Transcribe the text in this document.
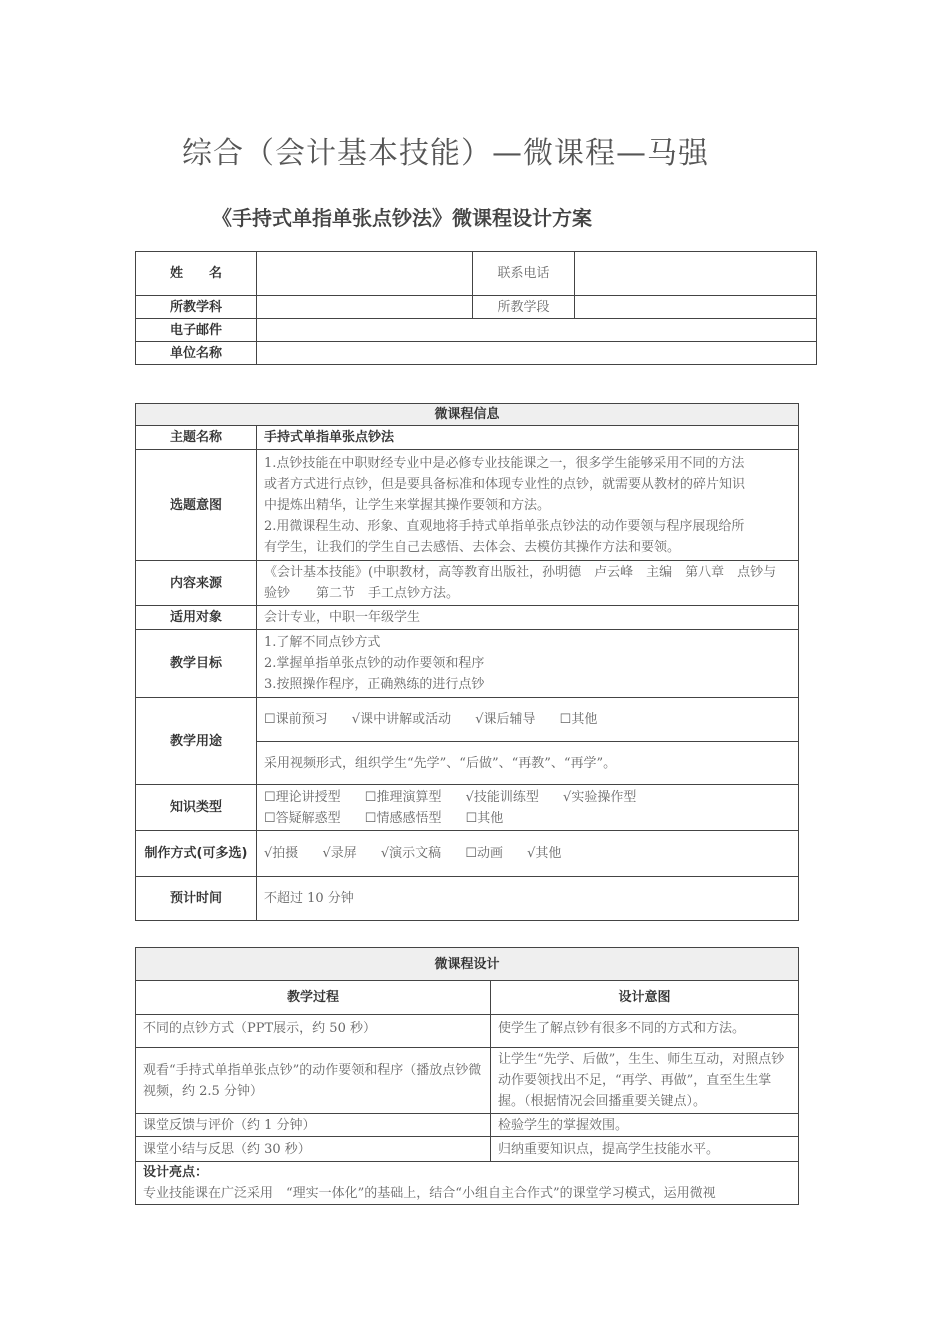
综合（会计基本技能）—微课程—马强
《手持式单指单张点钞法》微课程设计方案
姓　　名		联系电话	
所教学科		所教学段	
电子邮件			
单位名称			
微课程信息	
主题名称	手持式单指单张点钞法
选题意图	1.点钞技能在中职财经专业中是必修专业技能课之一，很多学生能够采用不同的方法
或者方式进行点钞，但是要具备标准和体现专业性的点钞，就需要从教材的碎片知识
中提炼出精华，让学生来掌握其操作要领和方法。
2.用微课程生动、形象、直观地将手持式单指单张点钞法的动作要领与程序展现给所
有学生，让我们的学生自己去感悟、去体会、去模仿其操作方法和要领。

内容来源	《会计基本技能》(中职教材，高等教育出版社，孙明德　卢云峰　主编　第八章　点钞与
验钞　　第二节　手工点钞方法。

适用对象	会计专业，中职一年级学生
教学目标	1.了解不同点钞方式
2.掌握单指单张点钞的动作要领和程序
3.按照操作程序，正确熟练的进行点钞

教学用途	☐课前预习 √课中讲解或活动 √课后辅导 ☐其他
	采用视频形式，组织学生“先学”、“后做”、“再教”、“再学”。
知识类型	☐理论讲授型 ☐推理演算型 √技能训练型 √实验操作型
☐答疑解惑型 ☐情感感悟型 ☐其他

制作方式(可多选)	√拍摄 √录屏 √演示文稿 ☐动画 √其他
预计时间	不超过 10 分钟
微课程设计	
教学过程	设计意图
不同的点钞方式（PPT展示，约 50 秒）	使学生了解点钞有很多不同的方式和方法。
观看“手持式单指单张点钞”的动作要领和程序（播放点钞微视频，约 2.5 分钟）	让学生“先学、后做”，生生、师生互动，对照点钞动作要领找出不足，“再学、再做”，直至生生掌握。（根据情况会回播重要关键点）。
课堂反馈与评价（约 1 分钟）	检验学生的掌握效围。
课堂小结与反思（约 30 秒）	归纳重要知识点，提高学生技能水平。

设计亮点：
专业技能课在广泛采用　“理实一体化”的基础上，结合“小组自主合作式”的课堂学习模式，运用微视	
